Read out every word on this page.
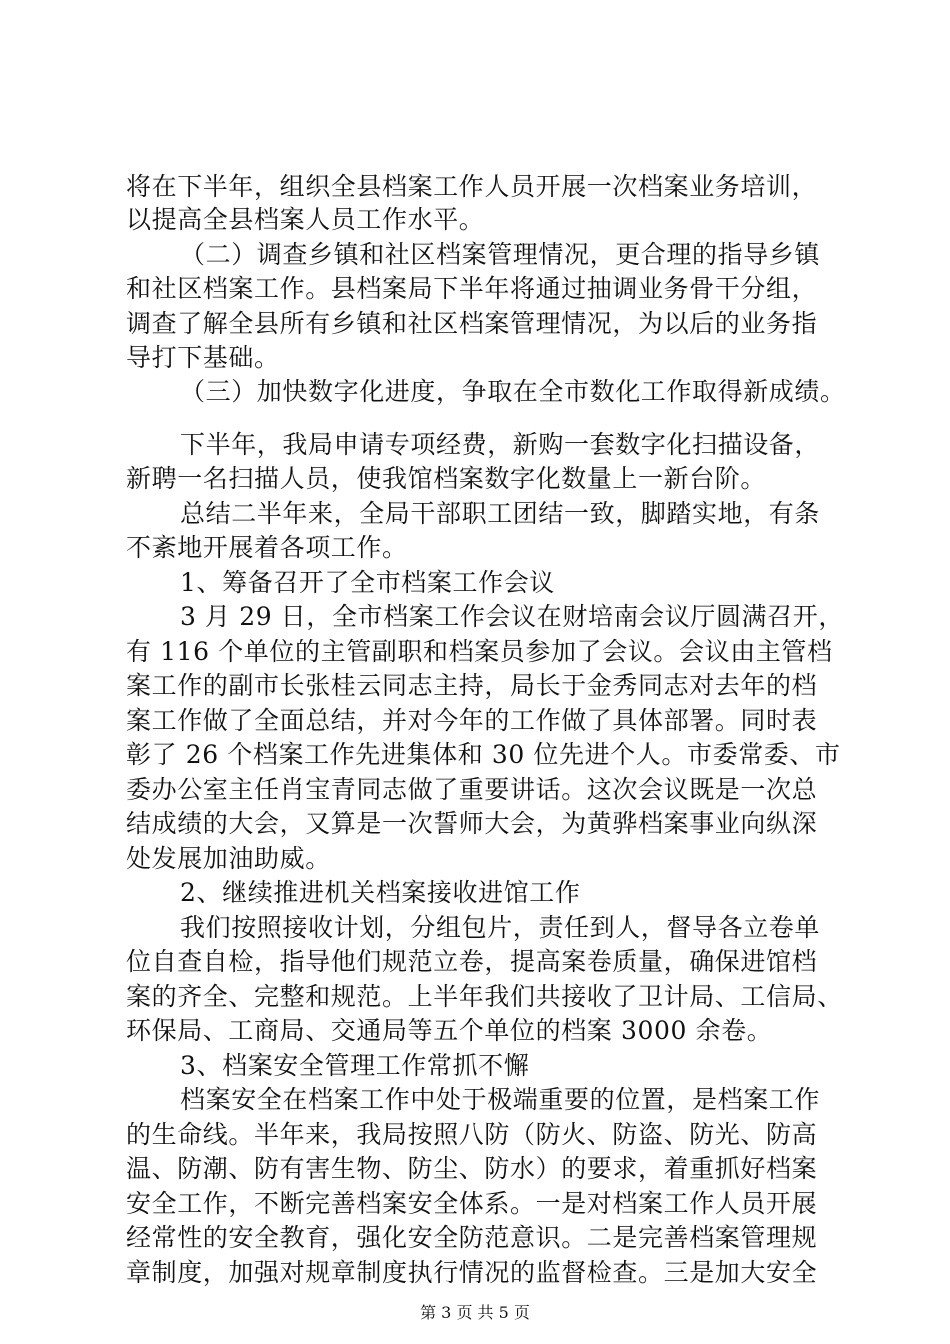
将在下半年，组织全县档案工作人员开展一次档案业务培训，
以提高全县档案人员工作水平。
（二）调查乡镇和社区档案管理情况，更合理的指导乡镇
和社区档案工作。县档案局下半年将通过抽调业务骨干分组，
调查了解全县所有乡镇和社区档案管理情况，为以后的业务指
导打下基础。
（三）加快数字化进度，争取在全市数化工作取得新成绩。
下半年，我局申请专项经费，新购一套数字化扫描设备，
新聘一名扫描人员，使我馆档案数字化数量上一新台阶。
总结二半年来，全局干部职工团结一致，脚踏实地，有条
不紊地开展着各项工作。
1、筹备召开了全市档案工作会议
3 月 29 日，全市档案工作会议在财培南会议厅圆满召开，
有 116 个单位的主管副职和档案员参加了会议。会议由主管档
案工作的副市长张桂云同志主持，局长于金秀同志对去年的档
案工作做了全面总结，并对今年的工作做了具体部署。同时表
彰了 26 个档案工作先进集体和 30 位先进个人。市委常委、市
委办公室主任肖宝青同志做了重要讲话。这次会议既是一次总
结成绩的大会，又算是一次誓师大会，为黄骅档案事业向纵深
处发展加油助威。
2、继续推进机关档案接收进馆工作
我们按照接收计划，分组包片，责任到人，督导各立卷单
位自查自检，指导他们规范立卷，提高案卷质量，确保进馆档
案的齐全、完整和规范。上半年我们共接收了卫计局、工信局、
环保局、工商局、交通局等五个单位的档案 3000 余卷。
3、档案安全管理工作常抓不懈
档案安全在档案工作中处于极端重要的位置，是档案工作
的生命线。半年来，我局按照八防（防火、防盗、防光、防高
温、防潮、防有害生物、防尘、防水）的要求，着重抓好档案
安全工作，不断完善档案安全体系。一是对档案工作人员开展
经常性的安全教育，强化安全防范意识。二是完善档案管理规
章制度，加强对规章制度执行情况的监督检查。三是加大安全
第 3 页 共 5 页
